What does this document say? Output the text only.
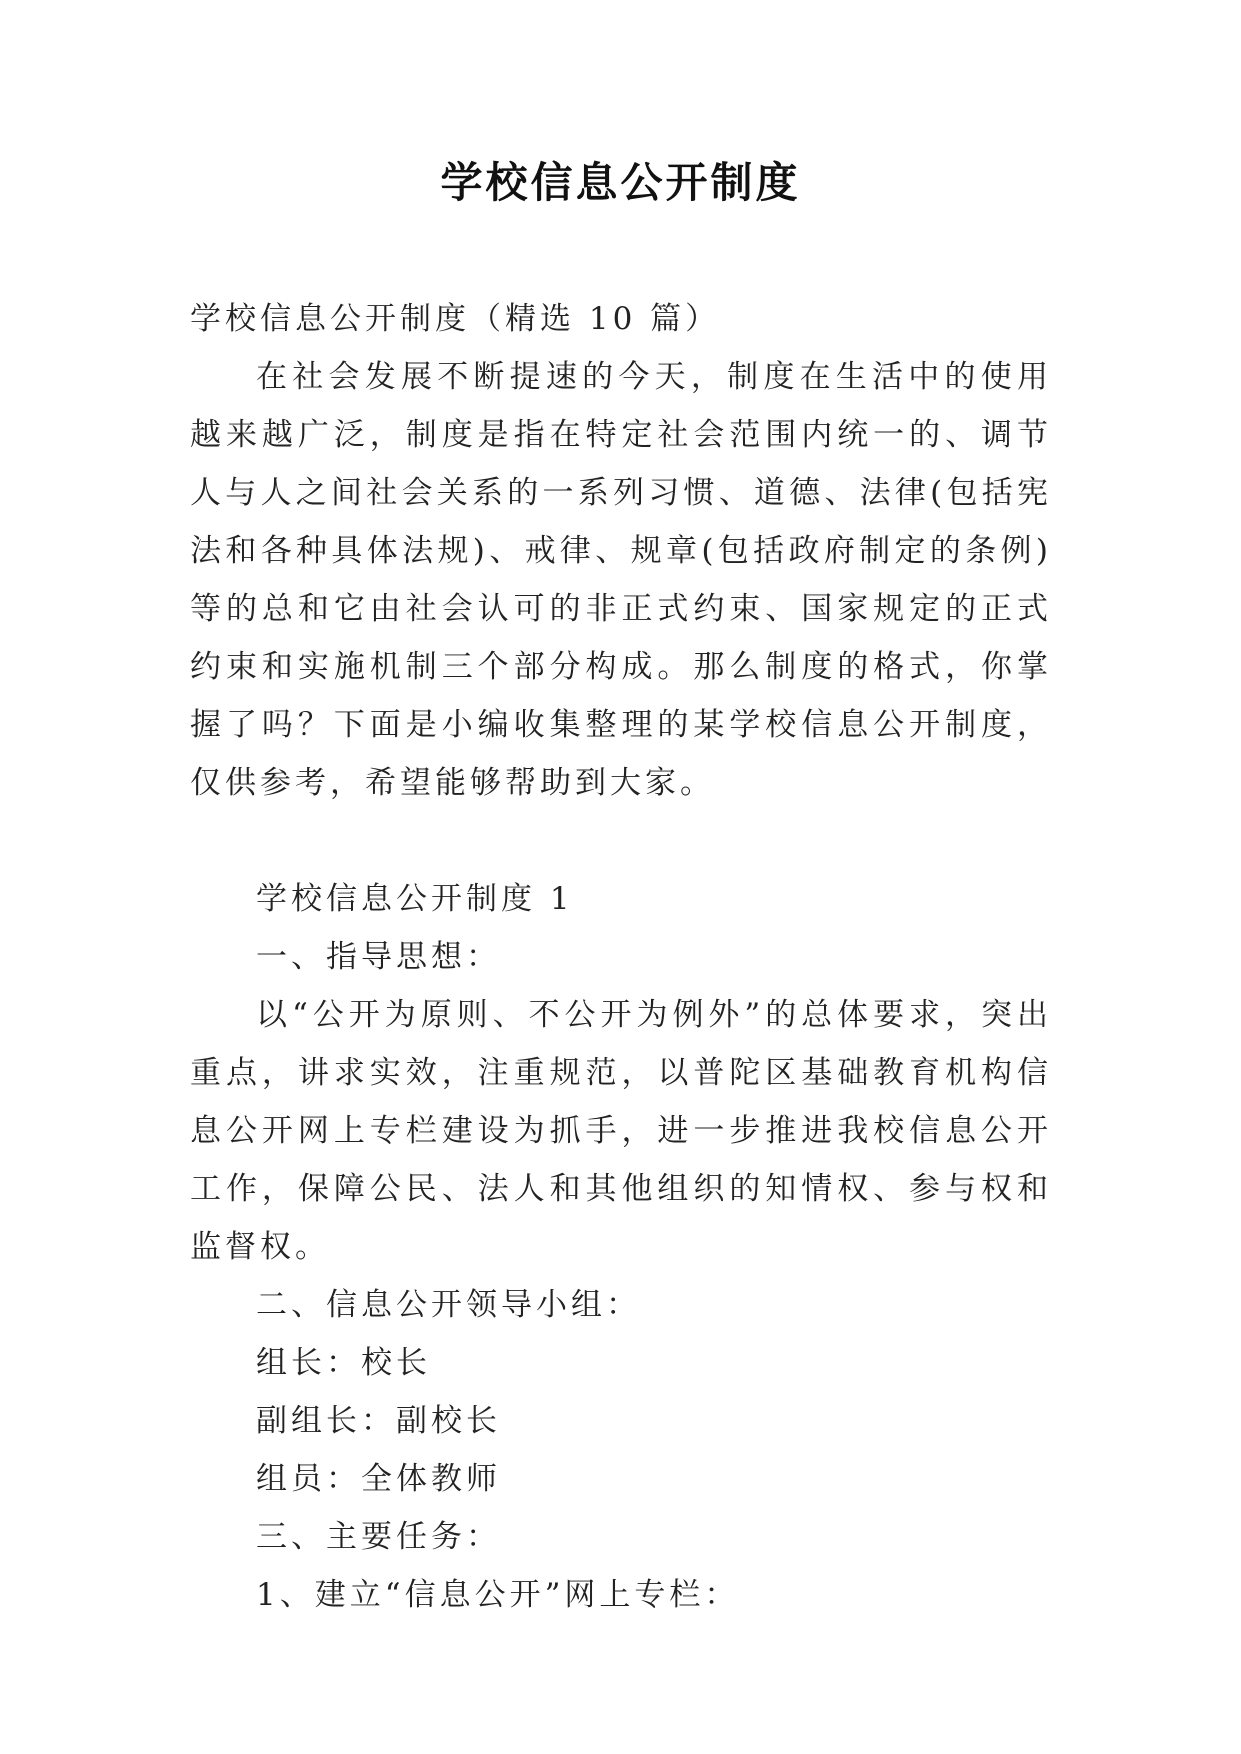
学校信息公开制度

学校信息公开制度（精选 10 篇）

在社会发展不断提速的今天，制度在生活中的使用越来越广泛，制度是指在特定社会范围内统一的、调节人与人之间社会关系的一系列习惯、道德、法律(包括宪法和各种具体法规)、戒律、规章(包括政府制定的条例)等的总和它由社会认可的非正式约束、国家规定的正式约束和实施机制三个部分构成。那么制度的格式，你掌握了吗？下面是小编收集整理的某学校信息公开制度，仅供参考，希望能够帮助到大家。

学校信息公开制度 1

一、指导思想：

以“公开为原则、不公开为例外”的总体要求，突出重点，讲求实效，注重规范，以普陀区基础教育机构信息公开网上专栏建设为抓手，进一步推进我校信息公开工作，保障公民、法人和其他组织的知情权、参与权和监督权。

二、信息公开领导小组：

组长：校长

副组长：副校长

组员：全体教师

三、主要任务：

1、建立“信息公开”网上专栏：
